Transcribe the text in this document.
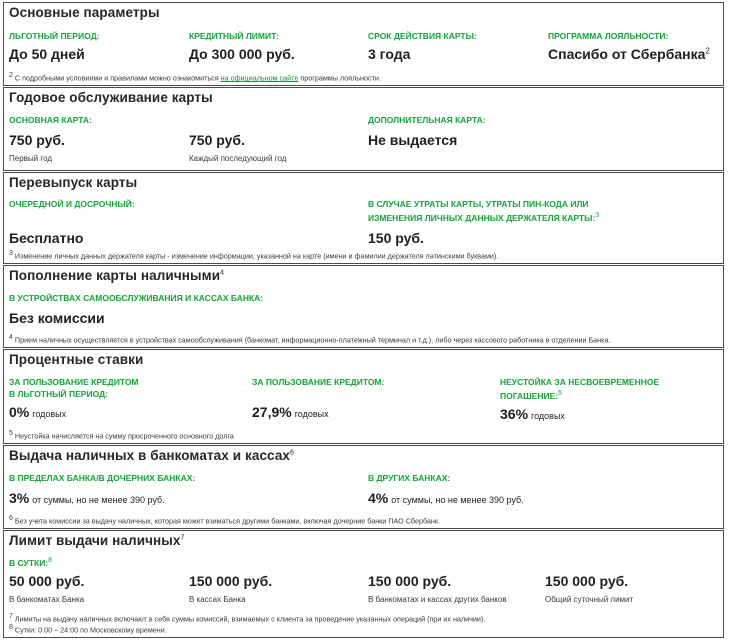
Основные параметры
ЛЬГОТНЫЙ ПЕРИОД:
До 50 дней
КРЕДИТНЫЙ ЛИМИТ:
До 300 000 руб.
СРОК ДЕЙСТВИЯ КАРТЫ:
3 года
ПРОГРАММА ЛОЯЛЬНОСТИ:
Спасибо от Сбербанка$^2$
$^2$ С подробными условиями и правилами можно ознакомиться на официальном сайте программы лояльности.
Годовое обслуживание карты
ОСНОВНАЯ КАРТА:
750 руб.
Первый год
750 руб.
Каждый последующий год
ДОПОЛНИТЕЛЬНАЯ КАРТА:
Не выдается
Перевыпуск карты
ОЧЕРЕДНОЙ И ДОСРОЧНЫЙ:
Бесплатно
В СЛУЧАЕ УТРАТЫ КАРТЫ, УТРАТЫ ПИН-КОДА ИЛИ
ИЗМЕНЕНИЯ ЛИЧНЫХ ДАННЫХ ДЕРЖАТЕЛЯ КАРТЫ:$^3$
150 руб.
$^3$ Изменение личных данных держателя карты - изменение информации, указанной на карте (имени и фамилии держателя латинскими буквами).
Пополнение карты наличными$^4$
В УСТРОЙСТВАХ САМООБСЛУЖИВАНИЯ И КАССАХ БАНКА:
Без комиссии
$^4$ Прием наличных осуществляется в устройствах самообслуживания (банкомат, информационно-платежный терминал и т.д.), либо через кассового работника в отделении Банка.
Процентные ставки
ЗА ПОЛЬЗОВАНИЕ КРЕДИТОМ
В ЛЬГОТНЫЙ ПЕРИОД:
0% годовых
ЗА ПОЛЬЗОВАНИЕ КРЕДИТОМ:
27,9% годовых
НЕУСТОЙКА ЗА НЕСВОЕВРЕМЕННОЕ
ПОГАШЕНИЕ:$^5$
36% годовых
$^5$ Неустойка начисляется на сумму просроченного основного долга
Выдача наличных в банкоматах и кассах$^6$
В ПРЕДЕЛАХ БАНКА/В ДОЧЕРНИХ БАНКАХ:
3% от суммы, но не менее 390 руб.
В ДРУГИХ БАНКАХ:
4% от суммы, но не менее 390 руб.
$^6$ Без учета комиссии за выдачу наличных, которая может взиматься другими банками, включая дочерние банки ПАО Сбербанк.
Лимит выдачи наличных$^7$
В СУТКИ:$^8$
50 000 руб.
В банкоматах Банка
150 000 руб.
В кассах Банка
150 000 руб.
В банкоматах и кассах других банков
150 000 руб.
Общий суточный лимит
$^7$ Лимиты на выдачу наличных включают в себя суммы комиссий, взимаемых с клиента за проведение указанных операций (при их наличии).
$^8$ Сутки: 0:00 – 24:00 по Московскому времени.
